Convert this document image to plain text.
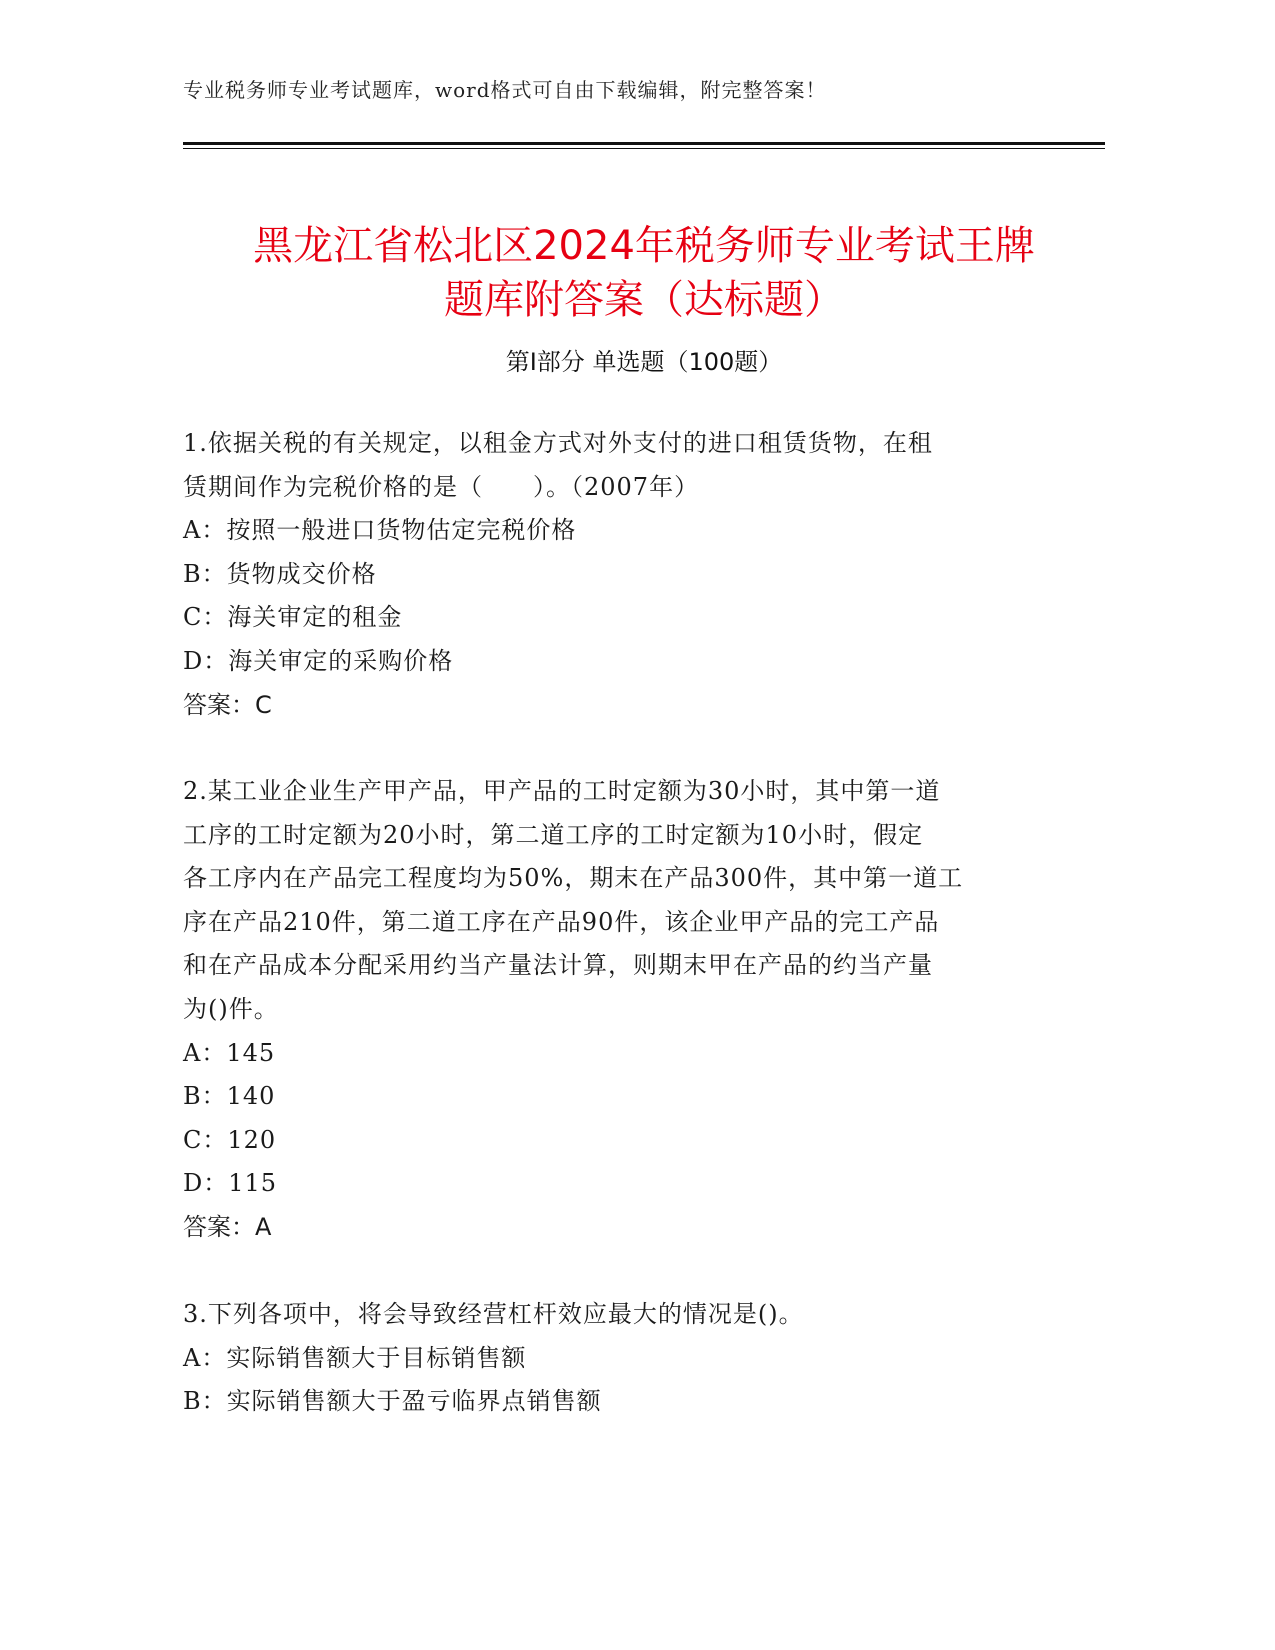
专业税务师专业考试题库，word格式可自由下载编辑，附完整答案！
黑龙江省松北区2024年税务师专业考试王牌
题库附答案（达标题）
第Ⅰ部分 单选题（100题）
1.依据关税的有关规定，以租金方式对外支付的进口租赁货物，在租
赁期间作为完税价格的是（　　）。（2007年）
A：按照一般进口货物估定完税价格
B：货物成交价格
C：海关审定的租金
D：海关审定的采购价格
答案：C
2.某工业企业生产甲产品，甲产品的工时定额为30小时，其中第一道
工序的工时定额为20小时，第二道工序的工时定额为10小时，假定
各工序内在产品完工程度均为50%，期末在产品300件，其中第一道工
序在产品210件，第二道工序在产品90件，该企业甲产品的完工产品
和在产品成本分配采用约当产量法计算，则期末甲在产品的约当产量
为()件。
A：145
B：140
C：120
D：115
答案：A
3.下列各项中，将会导致经营杠杆效应最大的情况是()。
A：实际销售额大于目标销售额
B：实际销售额大于盈亏临界点销售额
